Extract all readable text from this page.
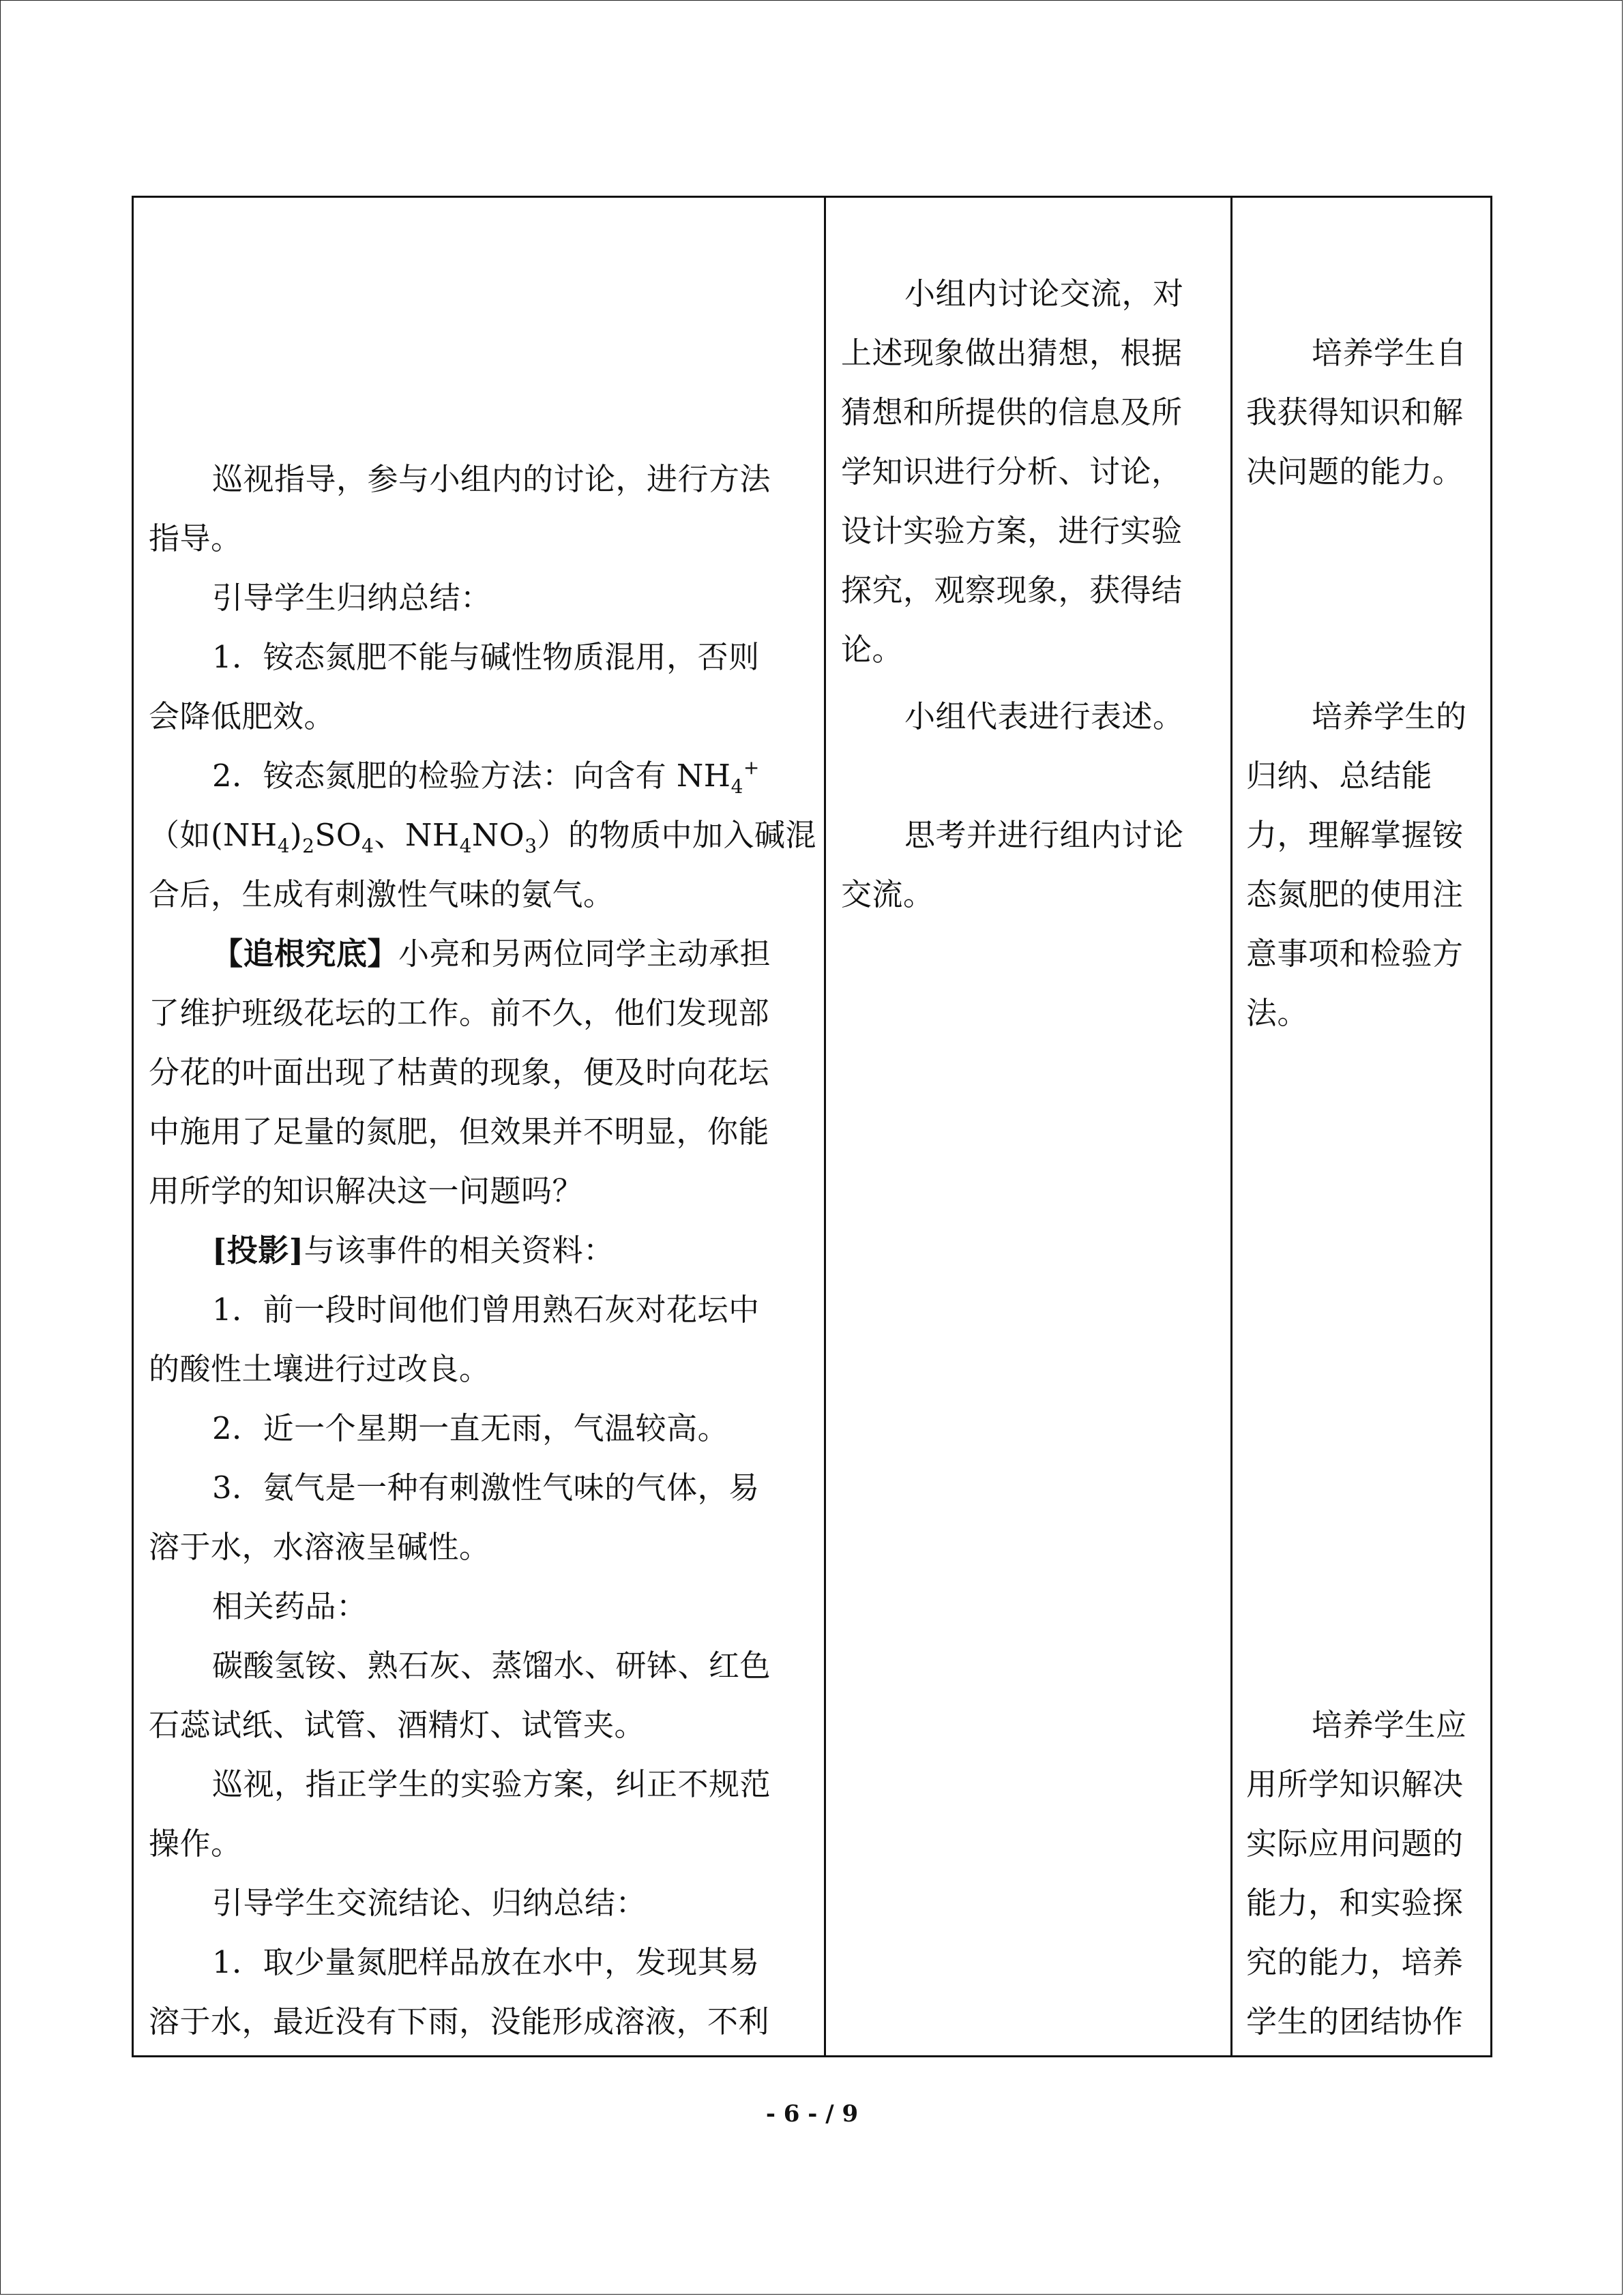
巡视指导，参与小组内的讨论，进行方法
指导。
引导学生归纳总结：
1．铵态氮肥不能与碱性物质混用，否则
会降低肥效。
2．铵态氮肥的检验方法：向含有 $NH_4^+$
（如$(NH_4)_2SO_4$、$NH_4NO_3$）的物质中加入碱混
合后，生成有刺激性气味的氨气。
【追根究底】小亮和另两位同学主动承担
了维护班级花坛的工作。前不久，他们发现部
分花的叶面出现了枯黄的现象，便及时向花坛
中施用了足量的氮肥，但效果并不明显，你能
用所学的知识解决这一问题吗？
[投影]与该事件的相关资料：
1．前一段时间他们曾用熟石灰对花坛中
的酸性土壤进行过改良。
2．近一个星期一直无雨，气温较高。
3．氨气是一种有刺激性气味的气体，易
溶于水，水溶液呈碱性。
相关药品：
碳酸氢铵、熟石灰、蒸馏水、研钵、红色
石蕊试纸、试管、酒精灯、试管夹。
巡视，指正学生的实验方案，纠正不规范
操作。
引导学生交流结论、归纳总结：
1．取少量氮肥样品放在水中，发现其易
溶于水，最近没有下雨，没能形成溶液，不利
小组内讨论交流，对
上述现象做出猜想，根据
猜想和所提供的信息及所
学知识进行分析、讨论，
设计实验方案，进行实验
探究，观察现象，获得结
论。
小组代表进行表述。
思考并进行组内讨论
交流。
培养学生自
我获得知识和解
决问题的能力。
培养学生的
归纳、总结能
力，理解掌握铵
态氮肥的使用注
意事项和检验方
法。
培养学生应
用所学知识解决
实际应用问题的
能力，和实验探
究的能力，培养
学生的团结协作
- 6 - / 9
